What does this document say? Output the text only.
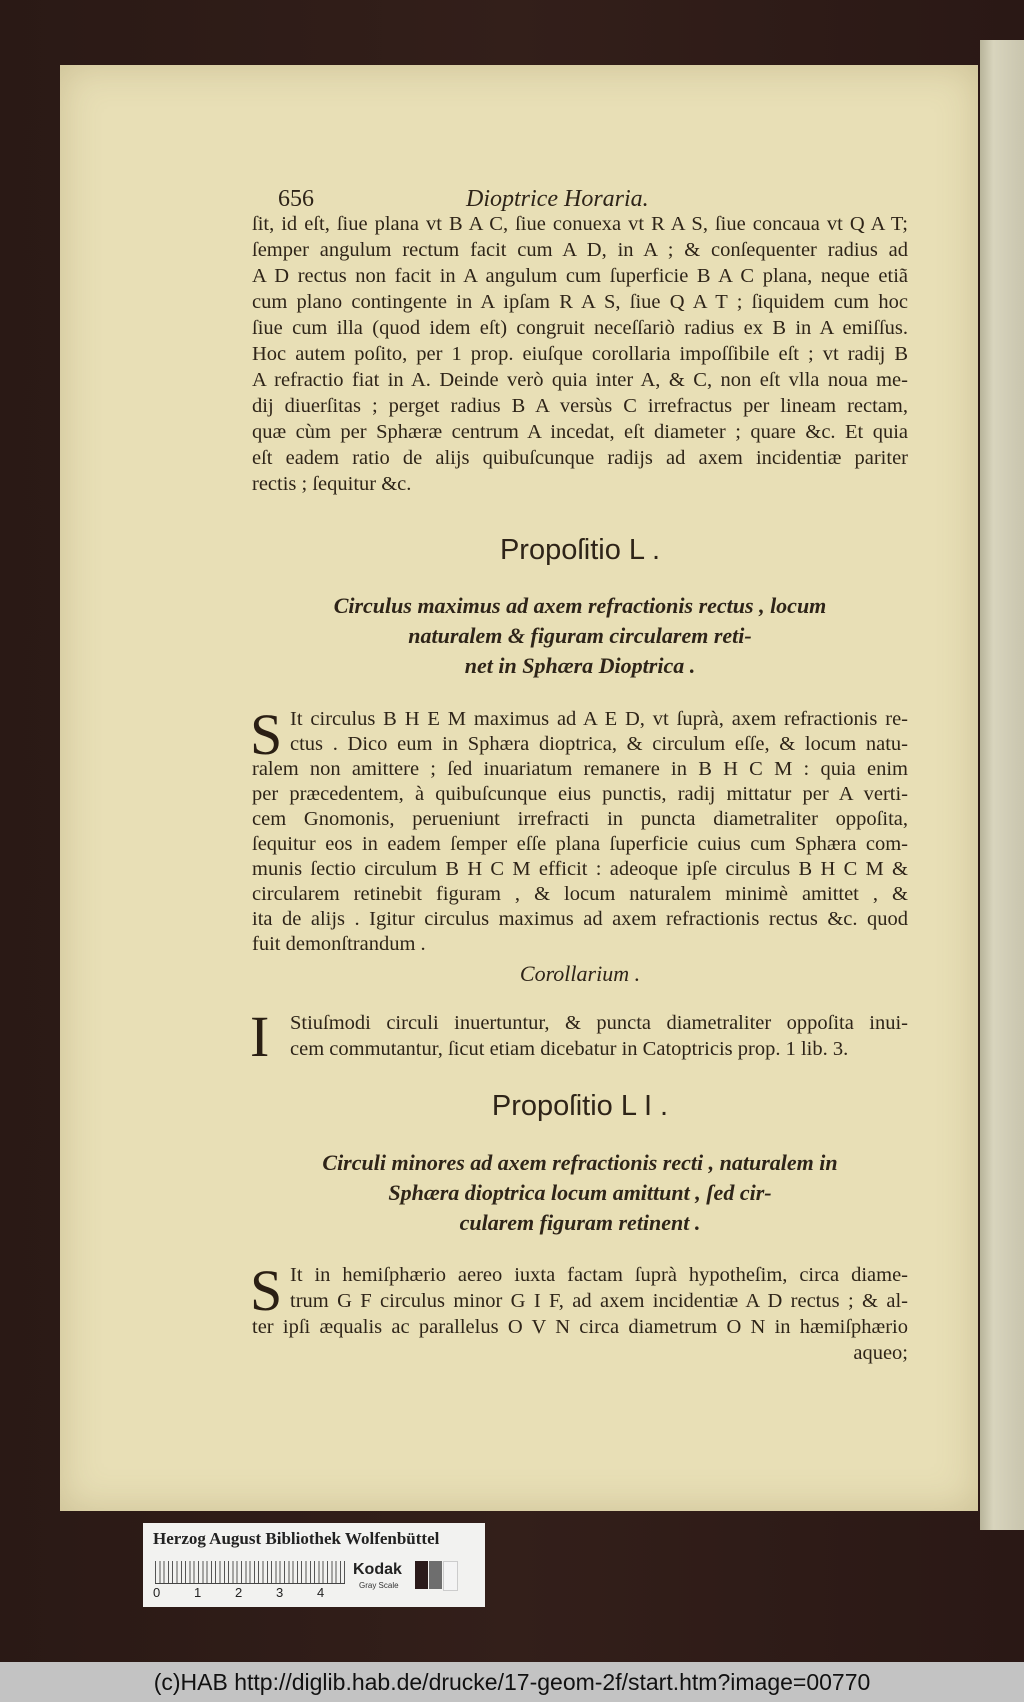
656	Dioptrice Horaria.
ſit, id eſt, ſiue plana vt B A C, ſiue conuexa vt R A S, ſiue concaua vt Q A T;
ſemper angulum rectum facit cum A D, in A ; & conſequenter radius ad
A D rectus non facit in A angulum cum ſuperficie B A C plana, neque etiã
cum plano contingente in A ipſam R A S, ſiue Q A T ; ſiquidem cum hoc
ſiue cum illa (quod idem eſt) congruit neceſſariò radius ex B in A emiſſus.
Hoc autem poſito, per 1 prop. eiuſque corollaria impoſſibile eſt ; vt radij B
A refractio fiat in A. Deinde verò quia inter A, & C, non eſt vlla noua me-
dij diuerſitas ; perget radius B A versùs C irrefractus per lineam rectam,
quæ cùm per Sphæræ centrum A incedat, eſt diameter ; quare &c. Et quia
eſt eadem ratio de alijs quibuſcunque radijs ad axem incidentiæ pariter
rectis ; ſequitur &c.
Propoſitio L .
Circulus maximus ad axem refractionis rectus , locum
naturalem & figuram circularem reti-
net in Sphæra Dioptrica .
S It circulus B H E M maximus ad A E D, vt ſuprà, axem refractionis re-
ctus . Dico eum in Sphæra dioptrica, & circulum eſſe, & locum natu-
ralem non amittere ; ſed inuariatum remanere in B H C M : quia enim
per præcedentem, à quibuſcunque eius punctis, radij mittatur per A verti-
cem Gnomonis, perueniunt irrefracti in puncta diametraliter oppoſita,
ſequitur eos in eadem ſemper eſſe plana ſuperficie cuius cum Sphæra com-
munis ſectio circulum B H C M efficit : adeoque ipſe circulus B H C M &
circularem retinebit figuram , & locum naturalem minimè amittet , &
ita de alijs . Igitur circulus maximus ad axem refractionis rectus &c. quod
fuit demonſtrandum .
Corollarium .
I Stiuſmodi circuli inuertuntur, & puncta diametraliter oppoſita inui-
cem commutantur, ſicut etiam dicebatur in Catoptricis prop. 1 lib. 3.
Propoſitio L I .
Circuli minores ad axem refractionis recti , naturalem in
Sphæra dioptrica locum amittunt , ſed cir-
cularem figuram retinent .
S It in hemiſphærio aereo iuxta factam ſuprà hypotheſim, circa diame-
trum G F circulus minor G I F, ad axem incidentiæ A D rectus ; & al-
ter ipſi æqualis ac parallelus O V N circa diametrum O N in hæmiſphærio
aqueo;
Herzog August Bibliothek Wolfenbüttel
0	1	2	3	4
Kodak
Gray Scale
(c)HAB http://diglib.hab.de/drucke/17-geom-2f/start.htm?image=00770
